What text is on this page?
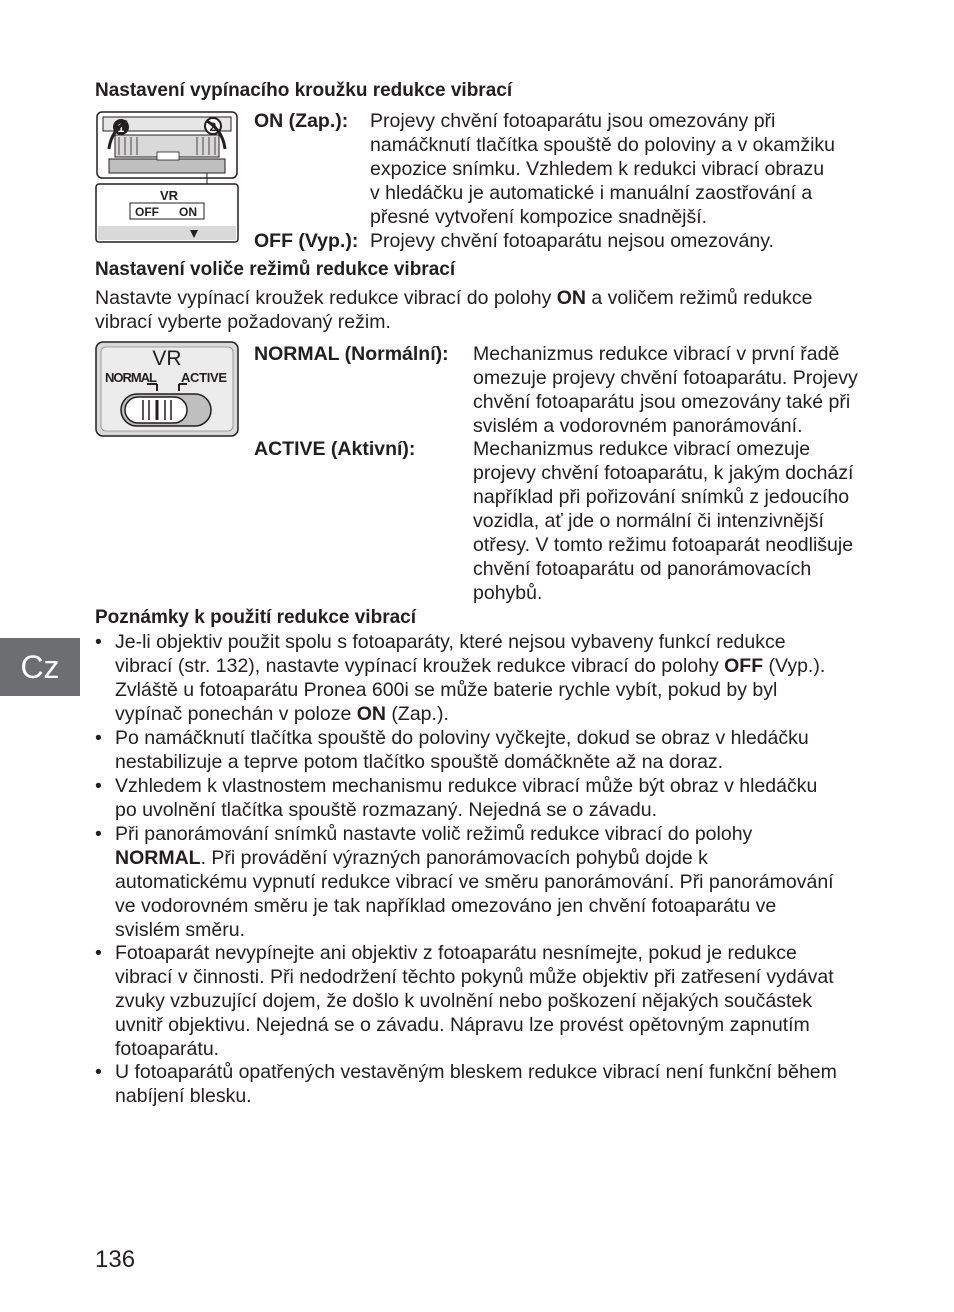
Nastavení vypínacího kroužku redukce vibrací
1	2
VR
OFF ON
ON (Zap.): Projevy chvění fotoaparátu jsou omezovány při
namáčknutí tlačítka spouště do poloviny a v okamžiku
expozice snímku. Vzhledem k redukci vibrací obrazu
v hledáčku je automatické i manuální zaostřování a
přesné vytvoření kompozice snadnější.
OFF (Vyp.): Projevy chvění fotoaparátu nejsou omezovány.
Nastavení voliče režimů redukce vibrací
Nastavte vypínací kroužek redukce vibrací do polohy ON a voličem režimů redukce
vibrací vyberte požadovaný režim.
VR
NORMAL ACTIVE
NORMAL (Normální): Mechanizmus redukce vibrací v první řadě
omezuje projevy chvění fotoaparátu. Projevy
chvění fotoaparátu jsou omezovány také při
svislém a vodorovném panorámování.
ACTIVE (Aktivní):	Mechanizmus redukce vibrací omezuje
projevy chvění fotoaparátu, k jakým dochází
například při pořizování snímků z jedoucího
vozidla, ať jde o normální či intenzivnější
otřesy. V tomto režimu fotoaparát neodlišuje
chvění fotoaparátu od panorámovacích
pohybů.
Poznámky k použití redukce vibrací
• Je-li objektiv použit spolu s fotoaparáty, které nejsou vybaveny funkcí redukce
vibrací (str. 132), nastavte vypínací kroužek redukce vibrací do polohy OFF (Vyp.).
Zvláště u fotoaparátu Pronea 600i se může baterie rychle vybít, pokud by byl
vypínač ponechán v poloze ON (Zap.).
• Po namáčknutí tlačítka spouště do poloviny vyčkejte, dokud se obraz v hledáčku
nestabilizuje a teprve potom tlačítko spouště domáčkněte až na doraz.
• Vzhledem k vlastnostem mechanismu redukce vibrací může být obraz v hledáčku
po uvolnění tlačítka spouště rozmazaný. Nejedná se o závadu.
• Při panorámování snímků nastavte volič režimů redukce vibrací do polohy
NORMAL. Při provádění výrazných panorámovacích pohybů dojde k
automatickému vypnutí redukce vibrací ve směru panorámování. Při panorámování
ve vodorovném směru je tak například omezováno jen chvění fotoaparátu ve
svislém směru.
• Fotoaparát nevypínejte ani objektiv z fotoaparátu nesnímejte, pokud je redukce
vibrací v činnosti. Při nedodržení těchto pokynů může objektiv při zatřesení vydávat
zvuky vzbuzující dojem, že došlo k uvolnění nebo poškození nějakých součástek
uvnitř objektivu. Nejedná se o závadu. Nápravu lze provést opětovným zapnutím
fotoaparátu.
• U fotoaparátů opatřených vestavěným bleskem redukce vibrací není funkční během
nabíjení blesku.
Cz
136
